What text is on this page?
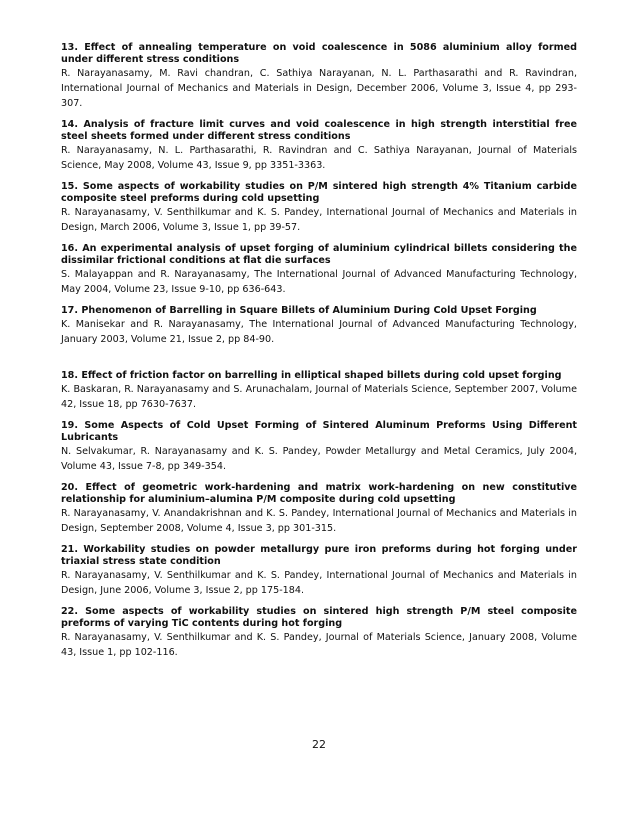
13. Effect of annealing temperature on void coalescence in 5086 aluminium alloy formed under different stress conditions
R. Narayanasamy, M. Ravi chandran, C. Sathiya Narayanan, N. L. Parthasarathi and R. Ravindran, International Journal of Mechanics and Materials in Design, December 2006, Volume 3, Issue 4, pp 293-307.
14. Analysis of fracture limit curves and void coalescence in high strength interstitial free steel sheets formed under different stress conditions
R. Narayanasamy, N. L. Parthasarathi, R. Ravindran and C. Sathiya Narayanan, Journal of Materials Science, May 2008, Volume 43, Issue 9, pp 3351-3363.
15. Some aspects of workability studies on P/M sintered high strength 4% Titanium carbide composite steel preforms during cold upsetting
R. Narayanasamy, V. Senthilkumar and K. S. Pandey, International Journal of Mechanics and Materials in Design, March 2006, Volume 3, Issue 1, pp 39-57.
16. An experimental analysis of upset forging of aluminium cylindrical billets considering the dissimilar frictional conditions at flat die surfaces
S. Malayappan and R. Narayanasamy, The International Journal of Advanced Manufacturing Technology, May 2004, Volume 23, Issue 9-10, pp 636-643.
17. Phenomenon of Barrelling in Square Billets of Aluminium During Cold Upset Forging
K. Manisekar and R. Narayanasamy, The International Journal of Advanced Manufacturing Technology, January 2003, Volume 21, Issue 2, pp 84-90.
18. Effect of friction factor on barrelling in elliptical shaped billets during cold upset forging
K. Baskaran, R. Narayanasamy and S. Arunachalam, Journal of Materials Science, September 2007, Volume 42, Issue 18, pp 7630-7637.
19. Some Aspects of Cold Upset Forming of Sintered Aluminum Preforms Using Different Lubricants
N. Selvakumar, R. Narayanasamy and K. S. Pandey, Powder Metallurgy and Metal Ceramics, July 2004, Volume 43, Issue 7-8, pp 349-354.
20. Effect of geometric work-hardening and matrix work-hardening on new constitutive relationship for aluminium–alumina P/M composite during cold upsetting
R. Narayanasamy, V. Anandakrishnan and K. S. Pandey, International Journal of Mechanics and Materials in Design, September 2008, Volume 4, Issue 3, pp 301-315.
21. Workability studies on powder metallurgy pure iron preforms during hot forging under triaxial stress state condition
R. Narayanasamy, V. Senthilkumar and K. S. Pandey, International Journal of Mechanics and Materials in Design, June 2006, Volume 3, Issue 2, pp 175-184.
22. Some aspects of workability studies on sintered high strength P/M steel composite preforms of varying TiC contents during hot forging
R. Narayanasamy, V. Senthilkumar and K. S. Pandey, Journal of Materials Science, January 2008, Volume 43, Issue 1, pp 102-116.
22
